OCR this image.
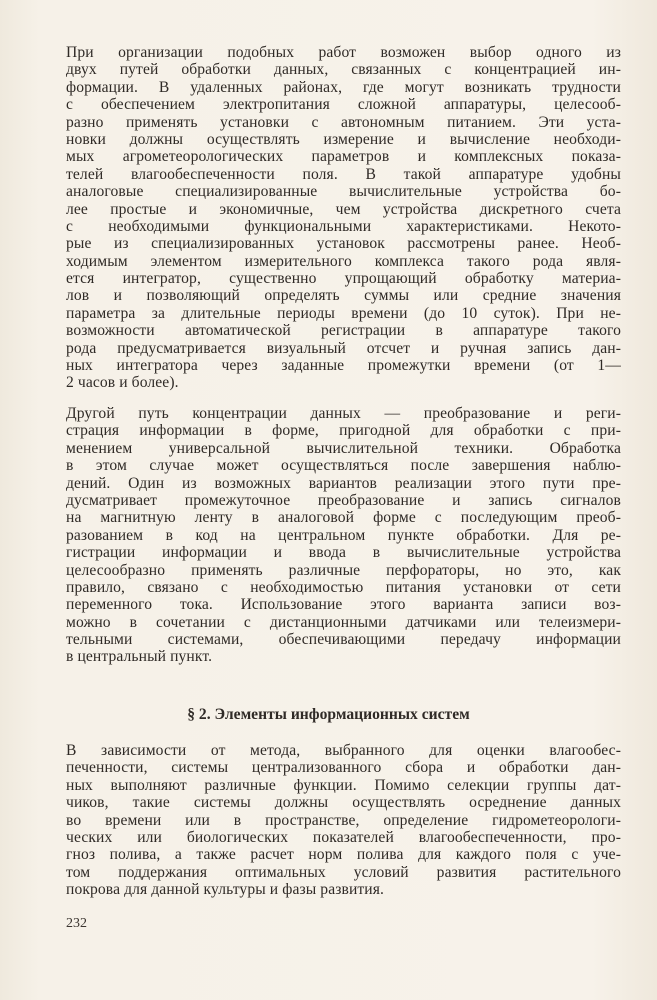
При организации подобных работ возможен выбор одного из
двух путей обработки данных, связанных с концентрацией ин-
формации. В удаленных районах, где могут возникать трудности
с обеспечением электропитания сложной аппаратуры, целесооб-
разно применять установки с автономным питанием. Эти уста-
новки должны осуществлять измерение и вычисление необходи-
мых агрометеорологических параметров и комплексных показа-
телей влагообеспеченности поля. В такой аппаратуре удобны
аналоговые специализированные вычислительные устройства бо-
лее простые и экономичные, чем устройства дискретного счета
с необходимыми функциональными характеристиками. Некото-
рые из специализированных установок рассмотрены ранее. Необ-
ходимым элементом измерительного комплекса такого рода явля-
ется интегратор, существенно упрощающий обработку материа-
лов и позволяющий определять суммы или средние значения
параметра за длительные периоды времени (до 10 суток). При не-
возможности автоматической регистрации в аппаратуре такого
рода предусматривается визуальный отсчет и ручная запись дан-
ных интегратора через заданные промежутки времени (от 1—
2 часов и более).
Другой путь концентрации данных — преобразование и реги-
страция информации в форме, пригодной для обработки с при-
менением универсальной вычислительной техники. Обработка
в этом случае может осуществляться после завершения наблю-
дений. Один из возможных вариантов реализации этого пути пре-
дусматривает промежуточное преобразование и запись сигналов
на магнитную ленту в аналоговой форме с последующим преоб-
разованием в код на центральном пункте обработки. Для ре-
гистрации информации и ввода в вычислительные устройства
целесообразно применять различные перфораторы, но это, как
правило, связано с необходимостью питания установки от сети
переменного тока. Использование этого варианта записи воз-
можно в сочетании с дистанционными датчиками или телеизмери-
тельными системами, обеспечивающими передачу информации
в центральный пункт.
§ 2. Элементы информационных систем
В зависимости от метода, выбранного для оценки влагообес-
печенности, системы централизованного сбора и обработки дан-
ных выполняют различные функции. Помимо селекции группы дат-
чиков, такие системы должны осуществлять осреднение данных
во времени или в пространстве, определение гидрометеорологи-
ческих или биологических показателей влагообеспеченности, про-
гноз полива, а также расчет норм полива для каждого поля с уче-
том поддержания оптимальных условий развития растительного
покрова для данной культуры и фазы развития.
232
